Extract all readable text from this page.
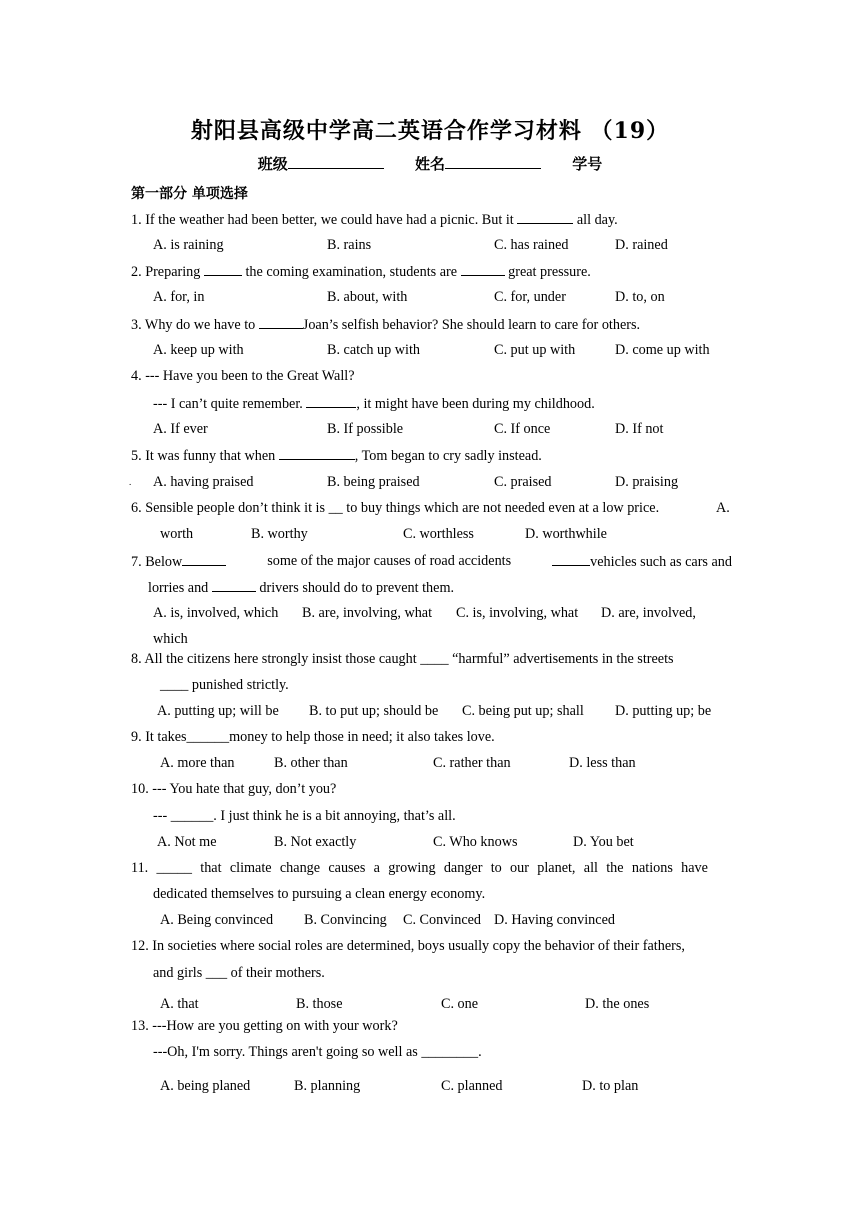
射阳县高级中学高二英语合作学习材料 （19）
班级	姓名	学号
第一部分 单项选择
1. If the weather had been better, we could have had a picnic. But it	all day.
A. is raining	B. rains	C. has rained	D. rained
2. Preparing	the coming examination, students are	great pressure.
A. for, in	B. about, with	C. for, under	D. to, on
3. Why do we have to	Joan’s selfish behavior? She should learn to care for others.
A. keep up with	B. catch up with	C. put up with	D. come up with
4. --- Have you been to the Great Wall?
--- I can’t quite remember.	, it might have been during my childhood.
A. If ever	B. If possible	C. If once	D. If not
5. It was funny that when	, Tom began to cry sadly instead.
. A. having praised	B. being praised	C. praised	D. praising
6. Sensible people don’t think it is __ to buy things which are not needed even at a low price.	A.
worth	B. worthy	C. worthless	D. worthwhile
7. Below	some of the major causes of road accidents	vehicles such as cars and
lorries and	drivers should do to prevent them.
A. is, involved, which B. are, involving, what C. is, involving, what D. are, involved,
which
8. All the citizens here strongly insist those caught ____ “harmful” advertisements in the streets
____ punished strictly.
A. putting up; will be B. to put up; should be C. being put up; shall D. putting up; be
9. It takes______money to help those in need; it also takes love.
A. more than	B. other than	C. rather than	D. less than
10. --- You hate that guy, don’t you?
--- ______. I just think he is a bit annoying, that’s all.
A. Not me	B. Not exactly	C. Who knows	D. You bet
11.  _____  that  climate  change  causes  a  growing  danger  to  our  planet,  all  the  nations  have
dedicated themselves to pursuing a clean energy economy.
A. Being convinced B. Convincing C. Convinced D. Having convinced
12. In societies where social roles are determined, boys usually copy the behavior of their fathers,
and girls ___ of their mothers.
A. that	B. those	C. one	D. the ones
13. ---How are you getting on with your work?
---Oh, I'm sorry. Things aren't going so well as ________.
A. being planed	B. planning	C. planned	D. to plan
